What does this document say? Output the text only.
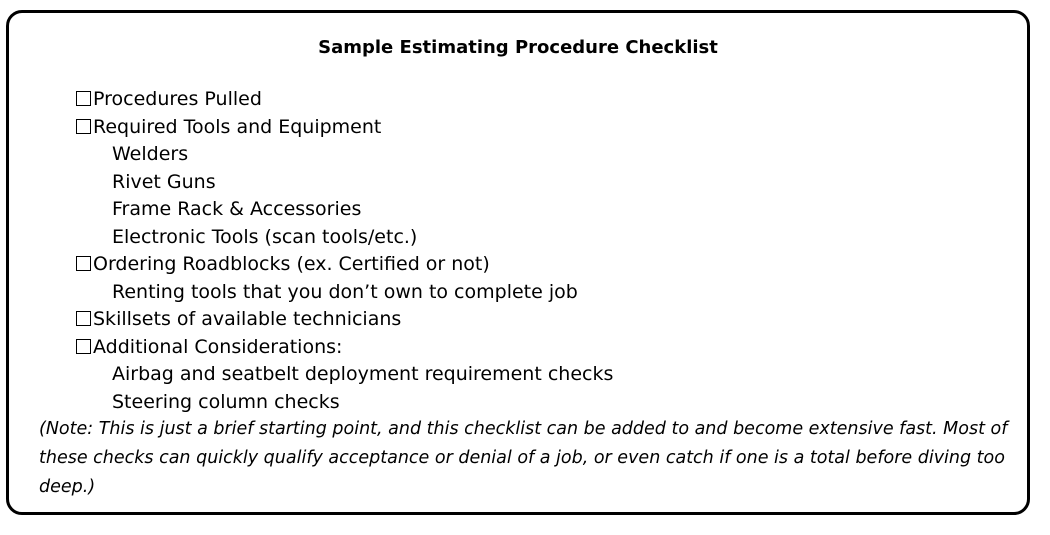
Sample Estimating Procedure Checklist
Procedures Pulled
Required Tools and Equipment
Welders
Rivet Guns
Frame Rack & Accessories
Electronic Tools (scan tools/etc.)
Ordering Roadblocks (ex. Certified or not)
Renting tools that you don’t own to complete job
Skillsets of available technicians
Additional Considerations:
Airbag and seatbelt deployment requirement checks
Steering column checks
(Note: This is just a brief starting point, and this checklist can be added to and become extensive fast. Most of these checks can quickly qualify acceptance or denial of a job, or even catch if one is a total before diving too deep.)
